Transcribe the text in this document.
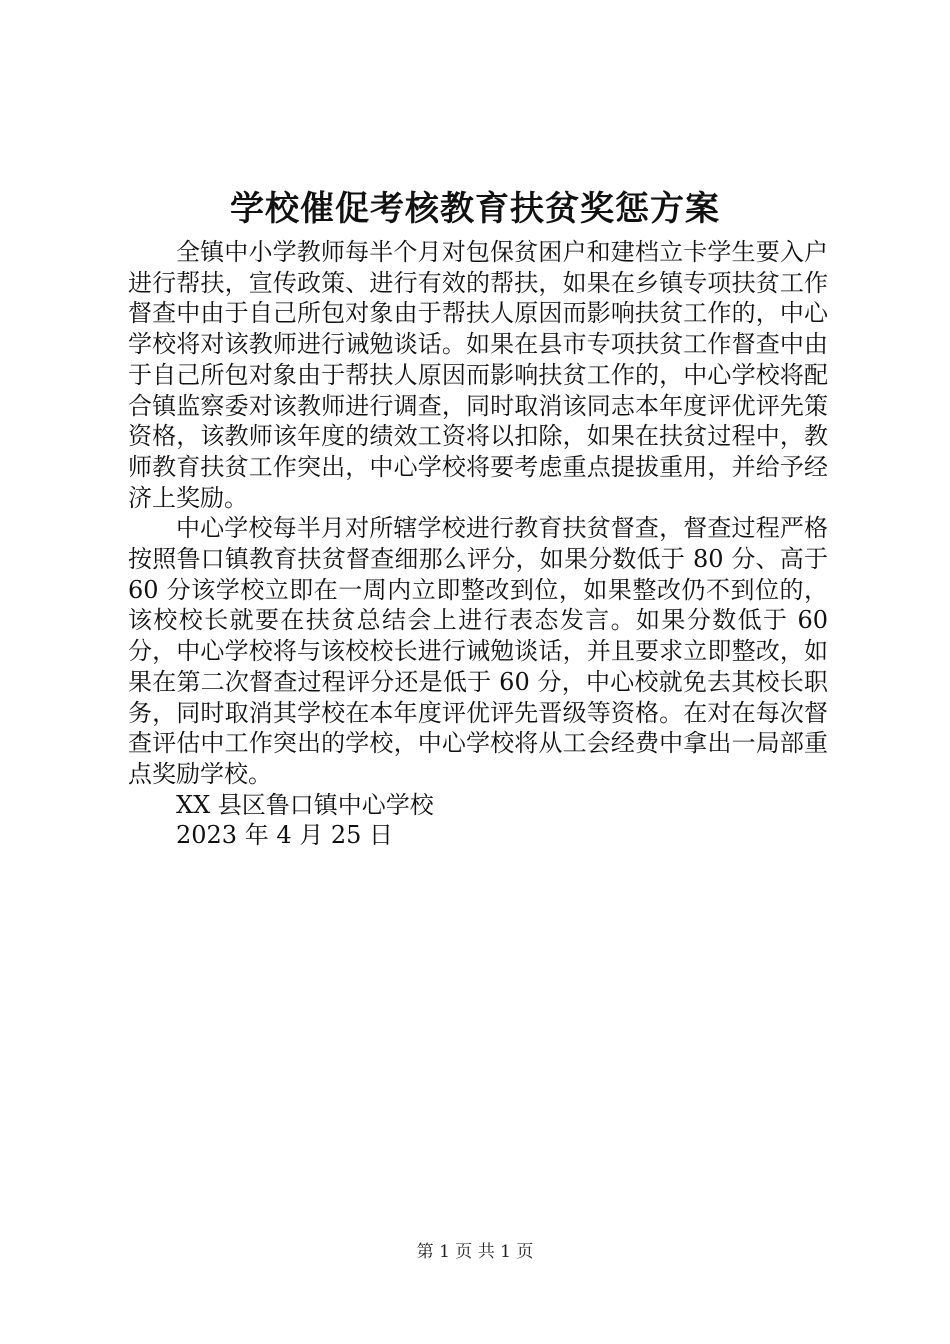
学校催促考核教育扶贫奖惩方案

全镇中小学教师每半个月对包保贫困户和建档立卡学生要入户进行帮扶，宣传政策、进行有效的帮扶，如果在乡镇专项扶贫工作督查中由于自己所包对象由于帮扶人原因而影响扶贫工作的，中心学校将对该教师进行诫勉谈话。如果在县市专项扶贫工作督查中由于自己所包对象由于帮扶人原因而影响扶贫工作的，中心学校将配合镇监察委对该教师进行调查，同时取消该同志本年度评优评先策资格，该教师该年度的绩效工资将以扣除，如果在扶贫过程中，教师教育扶贫工作突出，中心学校将要考虑重点提拔重用，并给予经济上奖励。

中心学校每半月对所辖学校进行教育扶贫督查，督查过程严格按照鲁口镇教育扶贫督查细那么评分，如果分数低于 80 分、高于 60 分该学校立即在一周内立即整改到位，如果整改仍不到位的，该校校长就要在扶贫总结会上进行表态发言。如果分数低于 60 分，中心学校将与该校校长进行诫勉谈话，并且要求立即整改，如果在第二次督查过程评分还是低于 60 分，中心校就免去其校长职务，同时取消其学校在本年度评优评先晋级等资格。在对在每次督查评估中工作突出的学校，中心学校将从工会经费中拿出一局部重点奖励学校。

XX 县区鲁口镇中心学校

2023 年 4 月 25 日

第 1 页 共 1 页
